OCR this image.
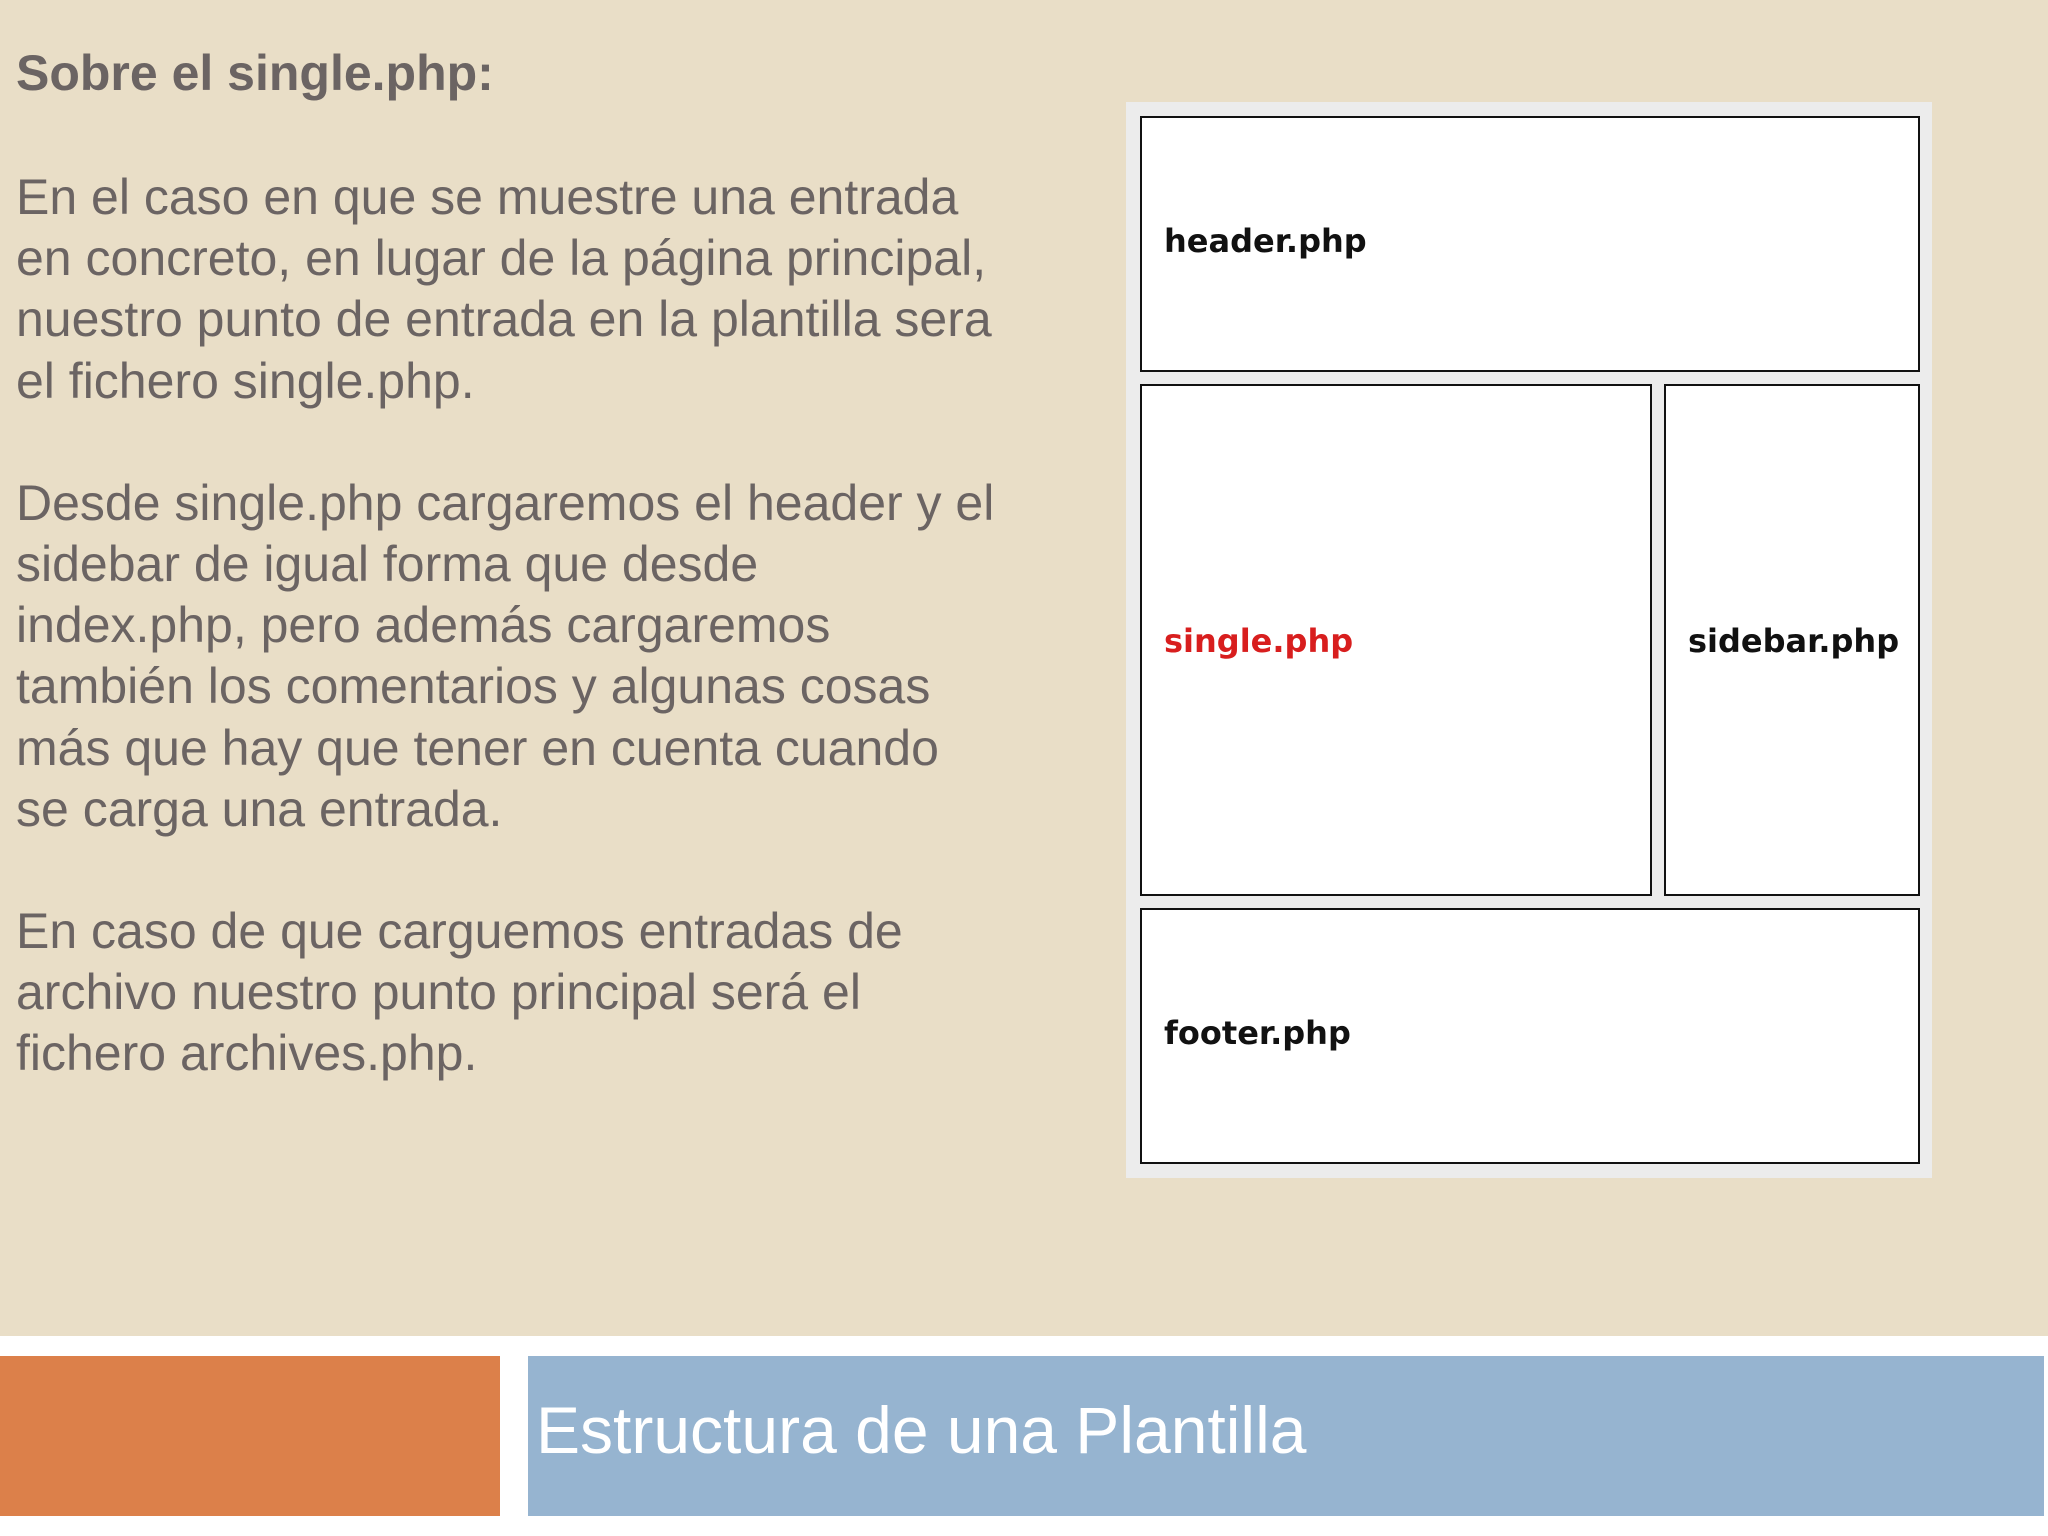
Sobre el single.php:

En el caso en que se muestre una entrada

en concreto, en lugar de la página principal,

nuestro punto de entrada en la plantilla sera

el fichero single.php.

Desde single.php cargaremos el header y el

sidebar de igual forma que desde

index.php, pero además cargaremos

también los comentarios y algunas cosas

más que hay que tener en cuenta cuando

se carga una entrada.

En caso de que carguemos entradas de

archivo nuestro punto principal será el

fichero archives.php.

header.php
single.php	sidebar.php
footer.php
Estructura de una Plantilla
